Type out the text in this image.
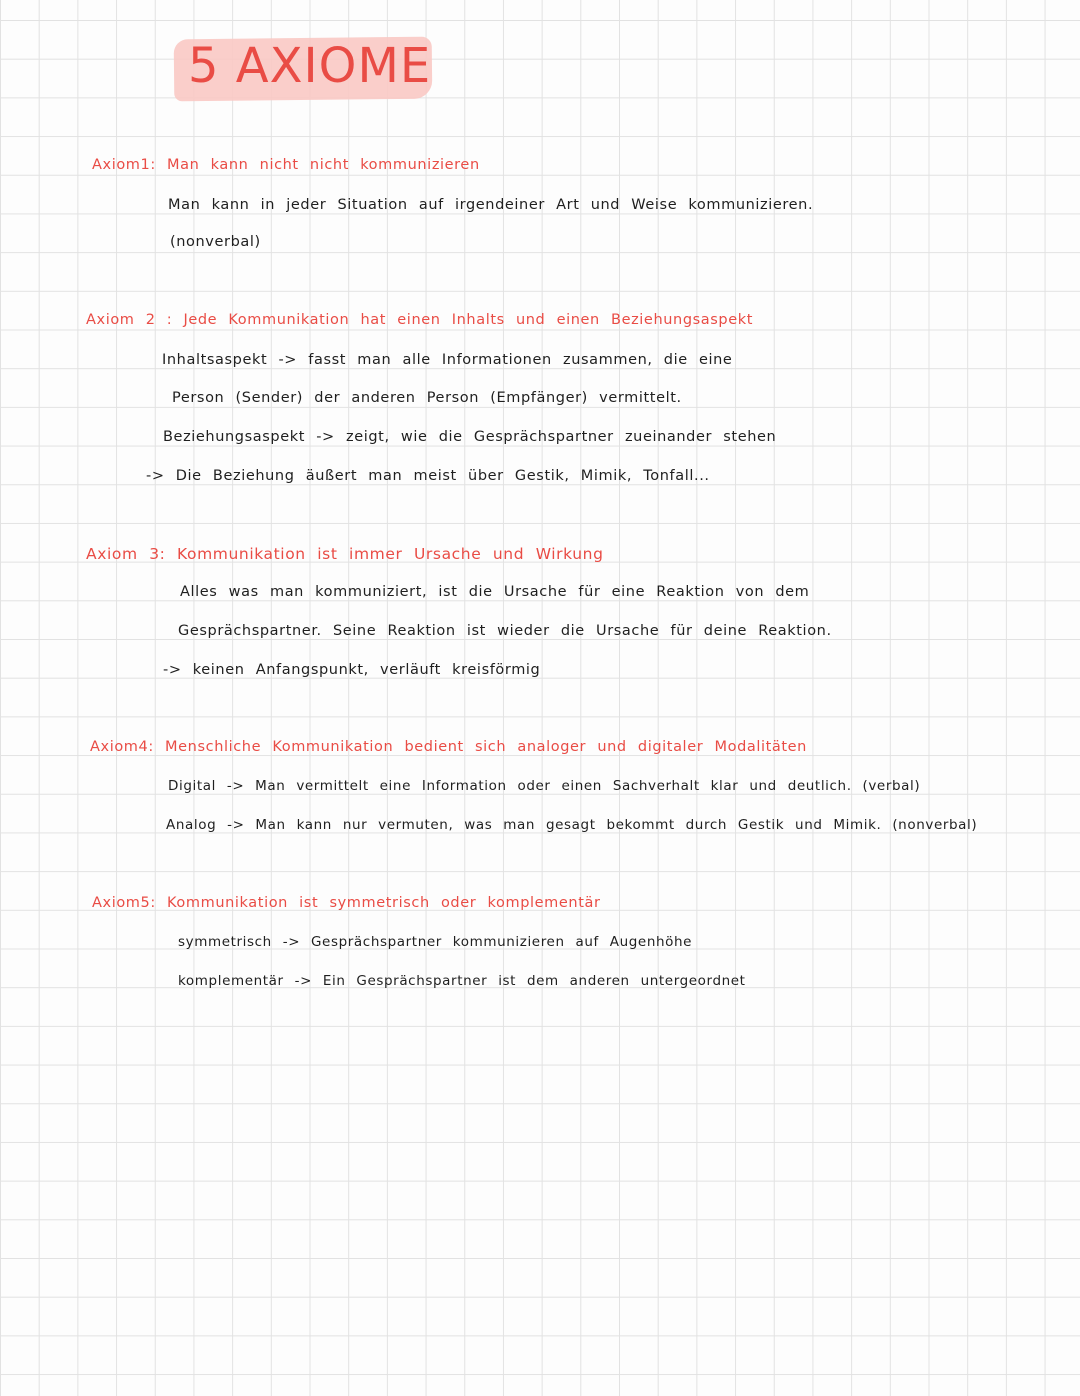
5 AXIOME
Axiom1: Man kann nicht nicht kommunizieren
Man kann in jeder Situation auf irgendeiner Art und Weise kommunizieren.
(nonverbal)
Axiom 2 : Jede Kommunikation hat einen Inhalts und einen Beziehungsaspekt
Inhaltsaspekt -> fasst man alle Informationen zusammen, die eine
Person (Sender) der anderen Person (Empfänger) vermittelt.
Beziehungsaspekt -> zeigt, wie die Gesprächspartner zueinander stehen
-> Die Beziehung äußert man meist über Gestik, Mimik, Tonfall...
Axiom 3: Kommunikation ist immer Ursache und Wirkung
Alles was man kommuniziert, ist die Ursache für eine Reaktion von dem
Gesprächspartner. Seine Reaktion ist wieder die Ursache für deine Reaktion.
-> keinen Anfangspunkt, verläuft kreisförmig
Axiom4: Menschliche Kommunikation bedient sich analoger und digitaler Modalitäten
Digital -> Man vermittelt eine Information oder einen Sachverhalt klar und deutlich. (verbal)
Analog -> Man kann nur vermuten, was man gesagt bekommt durch Gestik und Mimik. (nonverbal)
Axiom5: Kommunikation ist symmetrisch oder komplementär
symmetrisch -> Gesprächspartner kommunizieren auf Augenhöhe
komplementär -> Ein Gesprächspartner ist dem anderen untergeordnet
